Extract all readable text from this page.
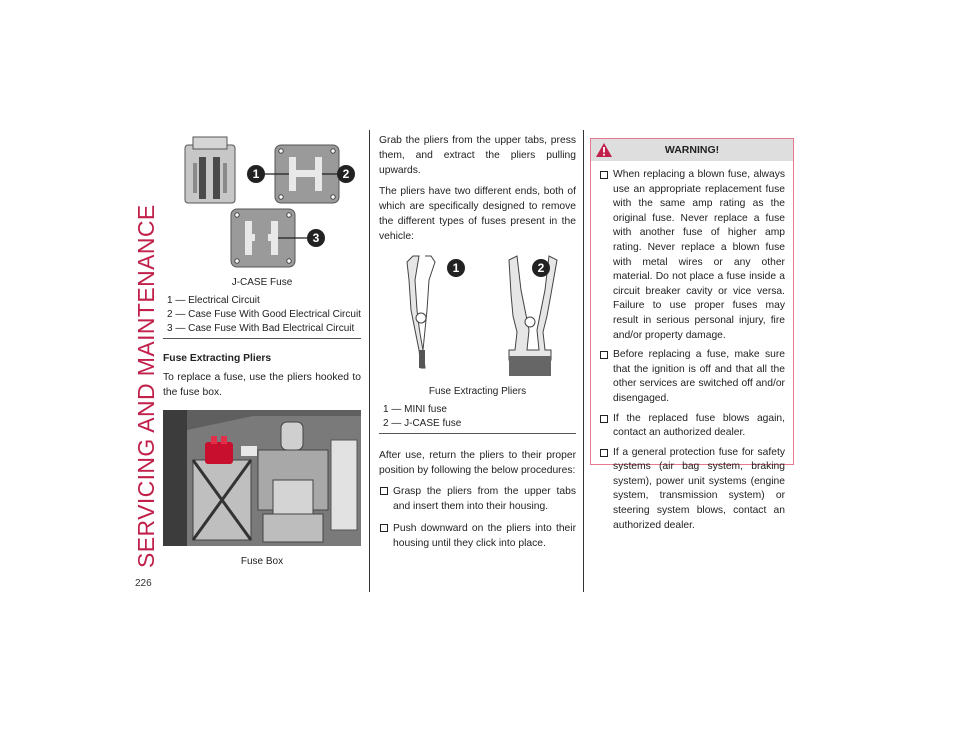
SERVICING AND MAINTENANCE
226
1	2
3
J-CASE Fuse
1 — Electrical Circuit
2 — Case Fuse With Good Electrical Circuit
3 — Case Fuse With Bad Electrical Circuit
Fuse Extracting Pliers

To replace a fuse, use the pliers hooked to the fuse box.

Fuse Box

Grab the pliers from the upper tabs, press them, and extract the pliers pulling upwards.

The pliers have two different ends, both of which are specifically designed to remove the different types of fuses present in the vehicle:

1	2
Fuse Extracting Pliers
1 — MINI fuse
2 — J-CASE fuse

After use, return the pliers to their proper position by following the below procedures:

Grasp the pliers from the upper tabs and insert them into their housing.
Push downward on the pliers into their housing until they click into place.
WARNING!
When replacing a blown fuse, always use an appropriate replacement fuse with the same amp rating as the original fuse. Never replace a fuse with another fuse of higher amp rating. Never replace a blown fuse with metal wires or any other material. Do not place a fuse inside a circuit breaker cavity or vice versa. Failure to use proper fuses may result in serious personal injury, fire and/or property damage.
Before replacing a fuse, make sure that the ignition is off and that all the other services are switched off and/or disengaged.
If the replaced fuse blows again, contact an authorized dealer.
If a general protection fuse for safety systems (air bag system, braking system), power unit systems (engine system, transmission system) or steering system blows, contact an authorized dealer.
